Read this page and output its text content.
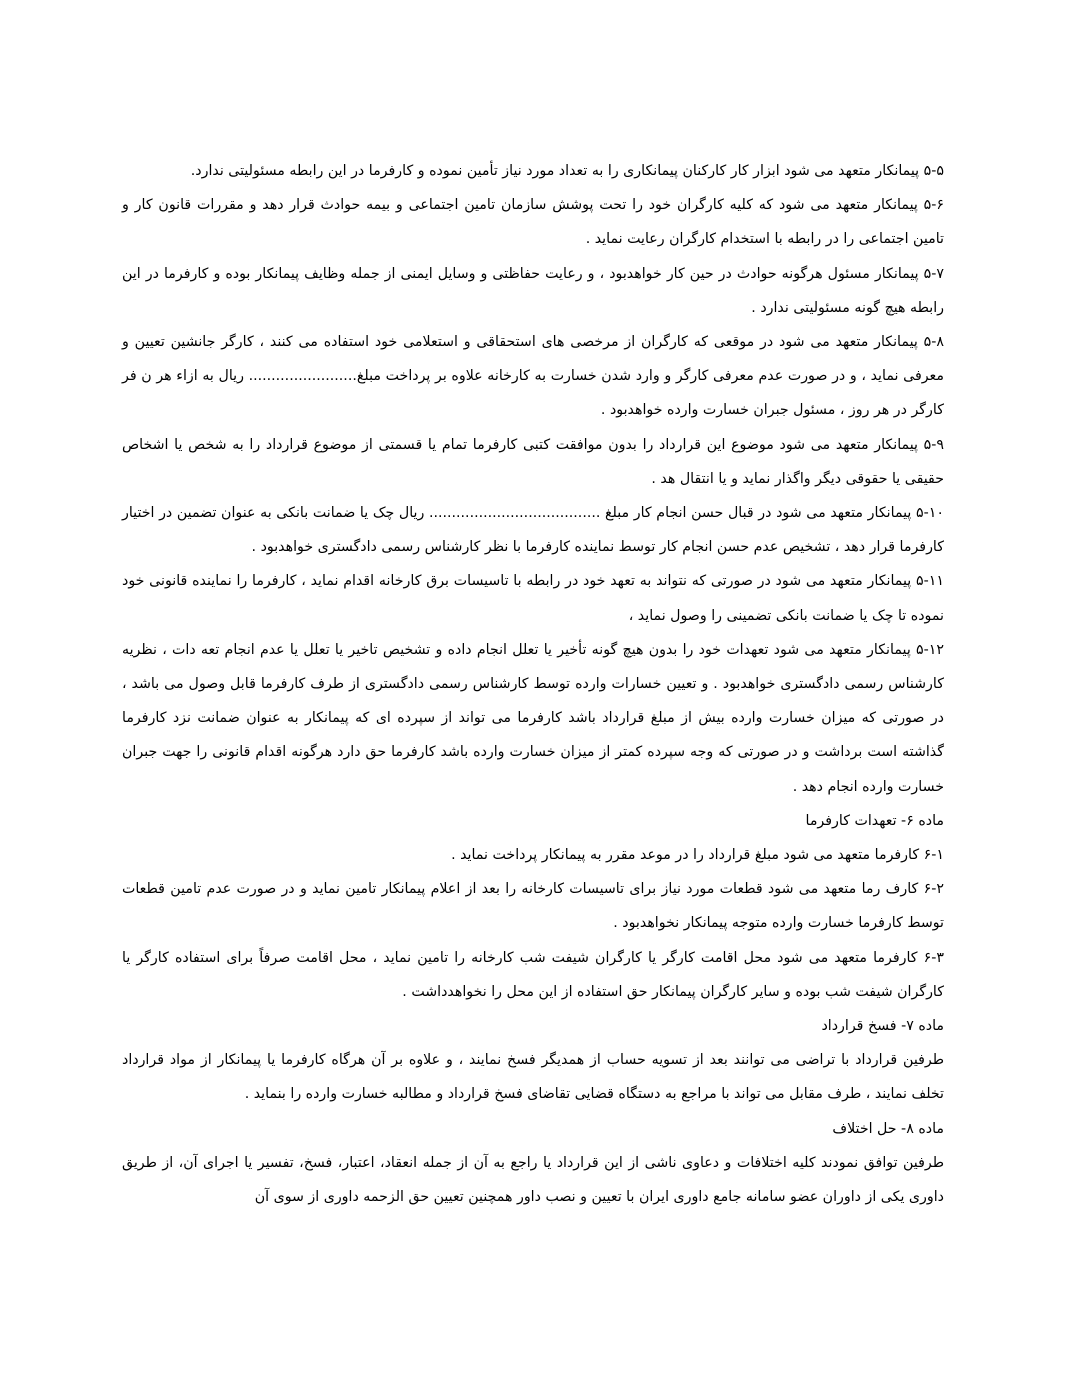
۵-۵ پیمانکار متعهد می شود ابزار کار کارکنان پیمانکاری را به تعداد مورد نیاز تأمین نموده و کارفرما در این رابطه مسئولیتی ندارد.

۵-۶ پیمانکار متعهد می شود که کلیه کارگران خود را تحت پوشش سازمان تامین اجتماعی و بیمه حوادث قرار دهد و مقررات قانون کار و تامین اجتماعی را در رابطه با استخدام کارگران رعایت نماید .

۵-۷ پیمانکار مسئول هرگونه حوادث در حین کار خواهدبود ، و رعایت حفاظتی و وسایل ایمنی از جمله وظایف پیمانکار بوده و کارفرما در این رابطه هیچ گونه مسئولیتی ندارد .

۵-۸ پیمانکار متعهد می شود در موقعی که کارگران از مرخصی های استحقاقی و استعلامی خود استفاده می کنند ، کارگر جانشین تعیین و معرفی نماید ، و در صورت عدم معرفی کارگر و وارد شدن خسارت به کارخانه علاوه بر پرداخت مبلغ........................ ریال به ازاء هر ن فر کارگر در هر روز ، مسئول جبران خسارت وارده خواهدبود .

۵-۹ پیمانکار متعهد می شود موضوع این قرارداد را بدون موافقت کتبی کارفرما تمام یا قسمتی از موضوع قرارداد را به شخص یا اشخاص حقیقی یا حقوقی دیگر واگذار نماید و یا انتقال هد .

۵-۱۰ پیمانکار متعهد می شود در قبال حسن انجام کار مبلغ ...................................... ریال چک یا ضمانت بانکی به عنوان تضمین در اختیار کارفرما قرار دهد ، تشخیص عدم حسن انجام کار توسط نماینده کارفرما با نظر کارشناس رسمی دادگستری خواهدبود .

۵-۱۱ پیمانکار متعهد می شود در صورتی که نتواند به تعهد خود در رابطه با تاسیسات برق کارخانه اقدام نماید ، کارفرما را نماینده قانونی خود نموده تا چک یا ضمانت بانکی تضمینی را وصول نماید ،

۵-۱۲ پیمانکار متعهد می شود تعهدات خود را بدون هیچ گونه تأخیر یا تعلل انجام داده و تشخیص تاخیر یا تعلل یا عدم انجام تعه دات ، نظریه کارشناس رسمی دادگستری خواهدبود . و تعیین خسارات وارده توسط کارشناس رسمی دادگستری از طرف کارفرما قابل وصول می باشد ، در صورتی که میزان خسارت وارده بیش از مبلغ قرارداد باشد کارفرما می تواند از سپرده ای که پیمانکار به عنوان ضمانت نزد کارفرما گذاشته است برداشت و در صورتی که وجه سپرده کمتر از میزان خسارت وارده باشد کارفرما حق دارد هرگونه اقدام قانونی را جهت جبران خسارت وارده انجام دهد .

ماده ۶- تعهدات کارفرما

۶-۱ کارفرما متعهد می شود مبلغ قرارداد را در موعد مقرر به پیمانکار پرداخت نماید .

۶-۲ کارف رما متعهد می شود قطعات مورد نیاز برای تاسیسات کارخانه را بعد از اعلام پیمانکار تامین نماید و در صورت عدم تامین قطعات توسط کارفرما خسارت وارده متوجه پیمانکار نخواهدبود .

۶-۳ کارفرما متعهد می شود محل اقامت کارگر یا کارگران شیفت شب کارخانه را تامین نماید ، محل اقامت صرفاً برای استفاده کارگر یا کارگران شیفت شب بوده و سایر کارگران پیمانکار حق استفاده از این محل را نخواهدداشت .

ماده ۷- فسخ قرارداد

طرفین قرارداد با تراضی می توانند بعد از تسویه حساب از همدیگر فسخ نمایند ، و علاوه بر آن هرگاه کارفرما یا پیمانکار از مواد قرارداد تخلف نمایند ، طرف مقابل می تواند با مراجع به دستگاه قضایی تقاضای فسخ قرارداد و مطالبه خسارت وارده را بنماید .

ماده ۸- حل اختلاف

طرفین توافق نمودند کلیه اختلافات و دعاوی ناشی از این قرارداد یا راجع به آن از جمله انعقاد، اعتبار، فسخ، تفسیر یا اجرای آن، از طریق داوری یکی از داوران عضو سامانه جامع داوری ایران با تعیین و نصب داور همچنین تعیین حق الزحمه داوری از سوی آن
